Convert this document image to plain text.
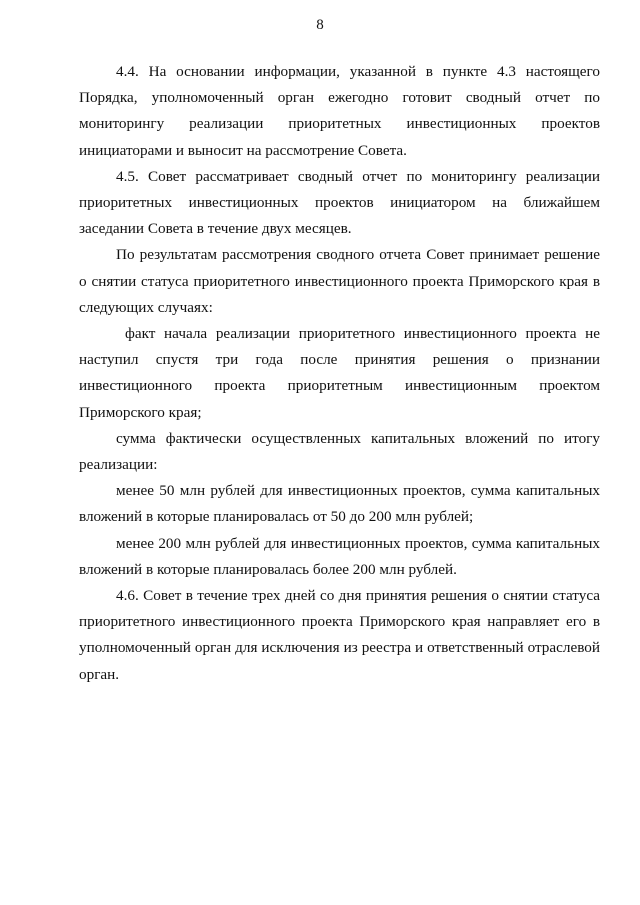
8

4.4. На основании информации, указанной в пункте 4.3 настоящего Порядка, уполномоченный орган ежегодно готовит сводный отчет по мониторингу реализации приоритетных инвестиционных проектов инициаторами и выносит на рассмотрение Совета.

4.5. Совет рассматривает сводный отчет по мониторингу реализации приоритетных инвестиционных проектов инициатором на ближайшем заседании Совета в течение двух месяцев.

По результатам рассмотрения сводного отчета Совет принимает решение о снятии статуса приоритетного инвестиционного проекта Приморского края в следующих случаях:

факт начала реализации приоритетного инвестиционного проекта не наступил спустя три года после принятия решения о признании инвестиционного проекта приоритетным инвестиционным проектом Приморского края;

сумма фактически осуществленных капитальных вложений по итогу реализации:

менее 50 млн рублей для инвестиционных проектов, сумма капитальных вложений в которые планировалась от 50 до 200 млн рублей;

менее 200 млн рублей для инвестиционных проектов, сумма капитальных вложений в которые планировалась более 200 млн рублей.

4.6. Совет в течение трех дней со дня принятия решения о снятии статуса приоритетного инвестиционного проекта Приморского края направляет его в уполномоченный орган для исключения из реестра и ответственный отраслевой орган.
